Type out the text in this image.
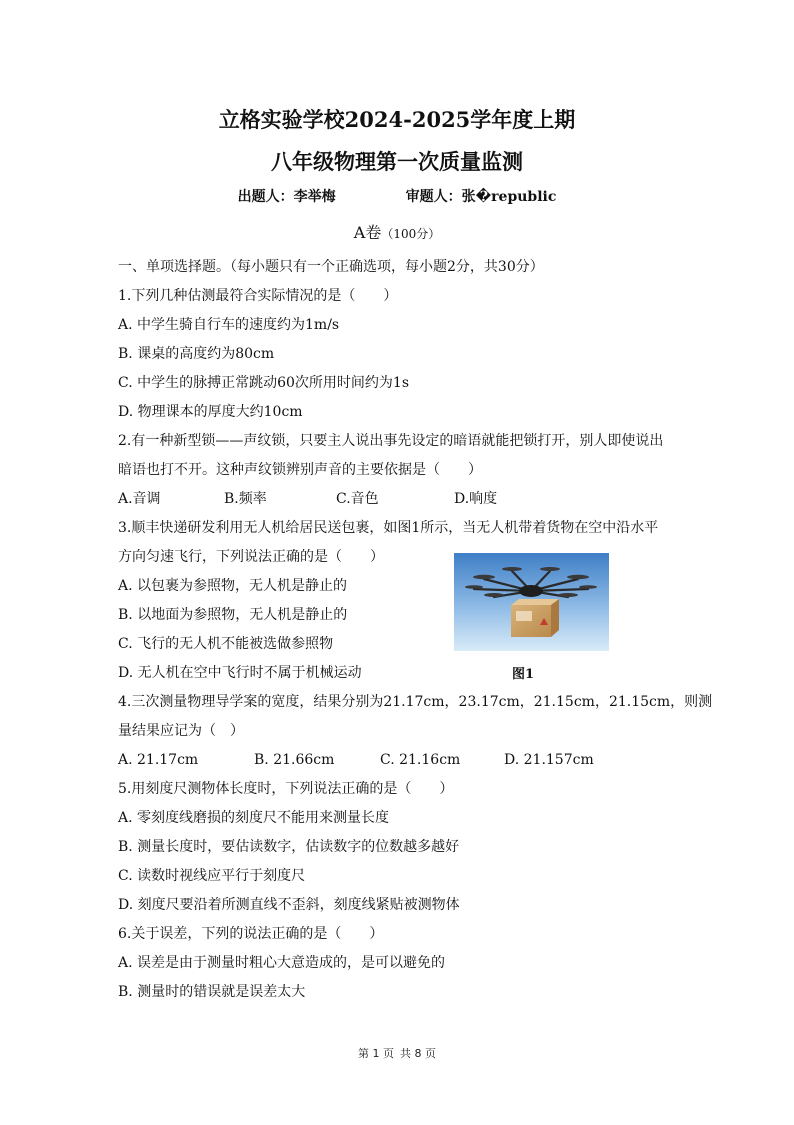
立格实验学校2024-2025学年度上期
八年级物理第一次质量监测
出题人：李举梅	审题人：张�republic
A卷（100分）
一、单项选择题。（每小题只有一个正确选项，每小题2分，共30分）
1.下列几种估测最符合实际情况的是（　　）
A. 中学生骑自行车的速度约为1m/s
B. 课桌的高度约为80cm
C. 中学生的脉搏正常跳动60次所用时间约为1s
D. 物理课本的厚度大约10cm
2.有一种新型锁——声纹锁，只要主人说出事先设定的暗语就能把锁打开，别人即使说出
暗语也打不开。这种声纹锁辨别声音的主要依据是（　　）
A.音调	B.频率	C.音色	D.响度
3.顺丰快递研发利用无人机给居民送包裹，如图1所示，当无人机带着货物在空中沿水平
方向匀速飞行，下列说法正确的是（　　）
A. 以包裹为参照物，无人机是静止的
B. 以地面为参照物，无人机是静止的
C. 飞行的无人机不能被选做参照物
D. 无人机在空中飞行时不属于机械运动	图1
4.三次测量物理导学案的宽度，结果分别为21.17cm，23.17cm，21.15cm，21.15cm，则测
量结果应记为（　）
A. 21.17cm	B. 21.66cm	C. 21.16cm	D. 21.157cm
5.用刻度尺测物体长度时，下列说法正确的是（　　）
A. 零刻度线磨损的刻度尺不能用来测量长度
B. 测量长度时，要估读数字，估读数字的位数越多越好
C. 读数时视线应平行于刻度尺
D. 刻度尺要沿着所测直线不歪斜，刻度线紧贴被测物体
6.关于误差，下列的说法正确的是（　　）
A. 误差是由于测量时粗心大意造成的，是可以避免的
B. 测量时的错误就是误差太大
第 1 页 共 8 页
